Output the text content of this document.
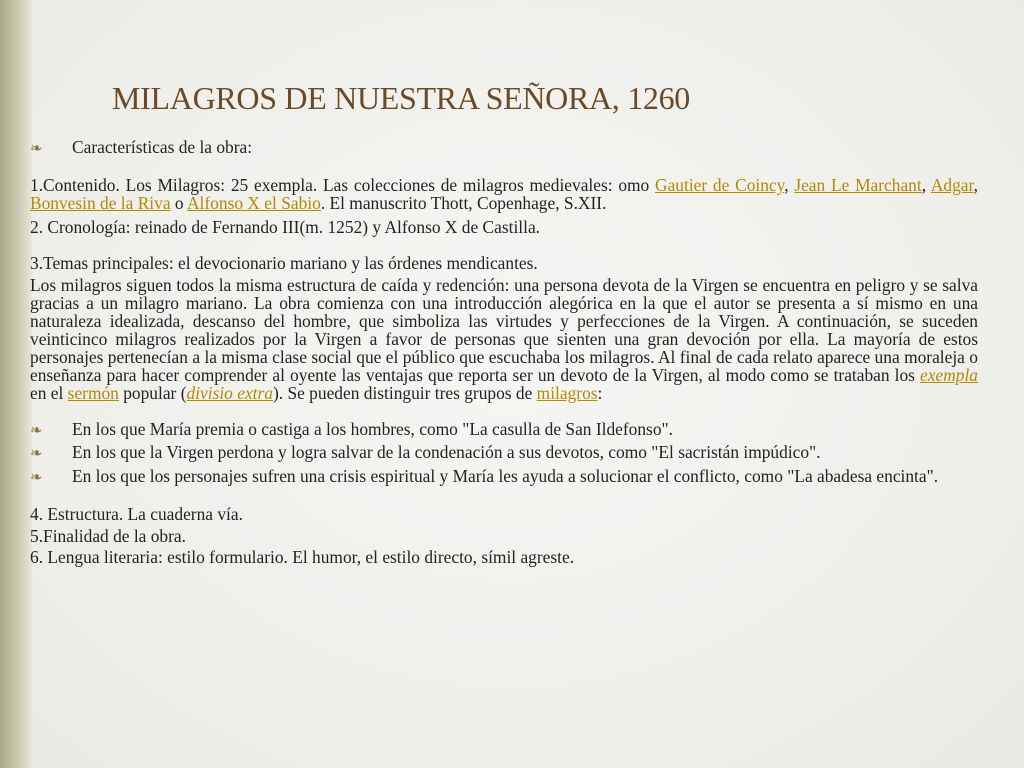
MILAGROS DE NUESTRA SEÑORA, 1260
❧	Características de la obra:

1.Contenido. Los Milagros: 25 exempla. Las colecciones de milagros medievales: omo Gautier de Coincy, Jean Le Marchant, Adgar, Bonvesin de la Riva o Alfonso X el Sabio. El manuscrito Thott, Copenhage, S.XII.

2. Cronología: reinado de Fernando III(m. 1252) y Alfonso X de Castilla.

3.Temas principales: el devocionario mariano y las órdenes mendicantes.

Los milagros siguen todos la misma estructura de caída y redención: una persona devota de la Virgen se encuentra en peligro y se salva gracias a un milagro mariano. La obra comienza con una introducción alegórica en la que el autor se presenta a sí mismo en una naturaleza idealizada, descanso del hombre, que simboliza las virtudes y perfecciones de la Virgen. A continuación, se suceden veinticinco milagros realizados por la Virgen a favor de personas que sienten una gran devoción por ella. La mayoría de estos personajes pertenecían a la misma clase social que el público que escuchaba los milagros. Al final de cada relato aparece una moraleja o enseñanza para hacer comprender al oyente las ventajas que reporta ser un devoto de la Virgen, al modo como se trataban los exempla en el sermón popular (divisio extra). Se pueden distinguir tres grupos de milagros:

❧	En los que María premia o castiga a los hombres, como "La casulla de San Ildefonso".
❧	En los que la Virgen perdona y logra salvar de la condenación a sus devotos, como "El sacristán impúdico".
❧	En los que los personajes sufren una crisis espiritual y María les ayuda a solucionar el conflicto, como "La abadesa encinta".

4. Estructura. La cuaderna vía.

5.Finalidad de la obra.

6. Lengua literaria: estilo formulario. El humor, el estilo directo, símil agreste.
